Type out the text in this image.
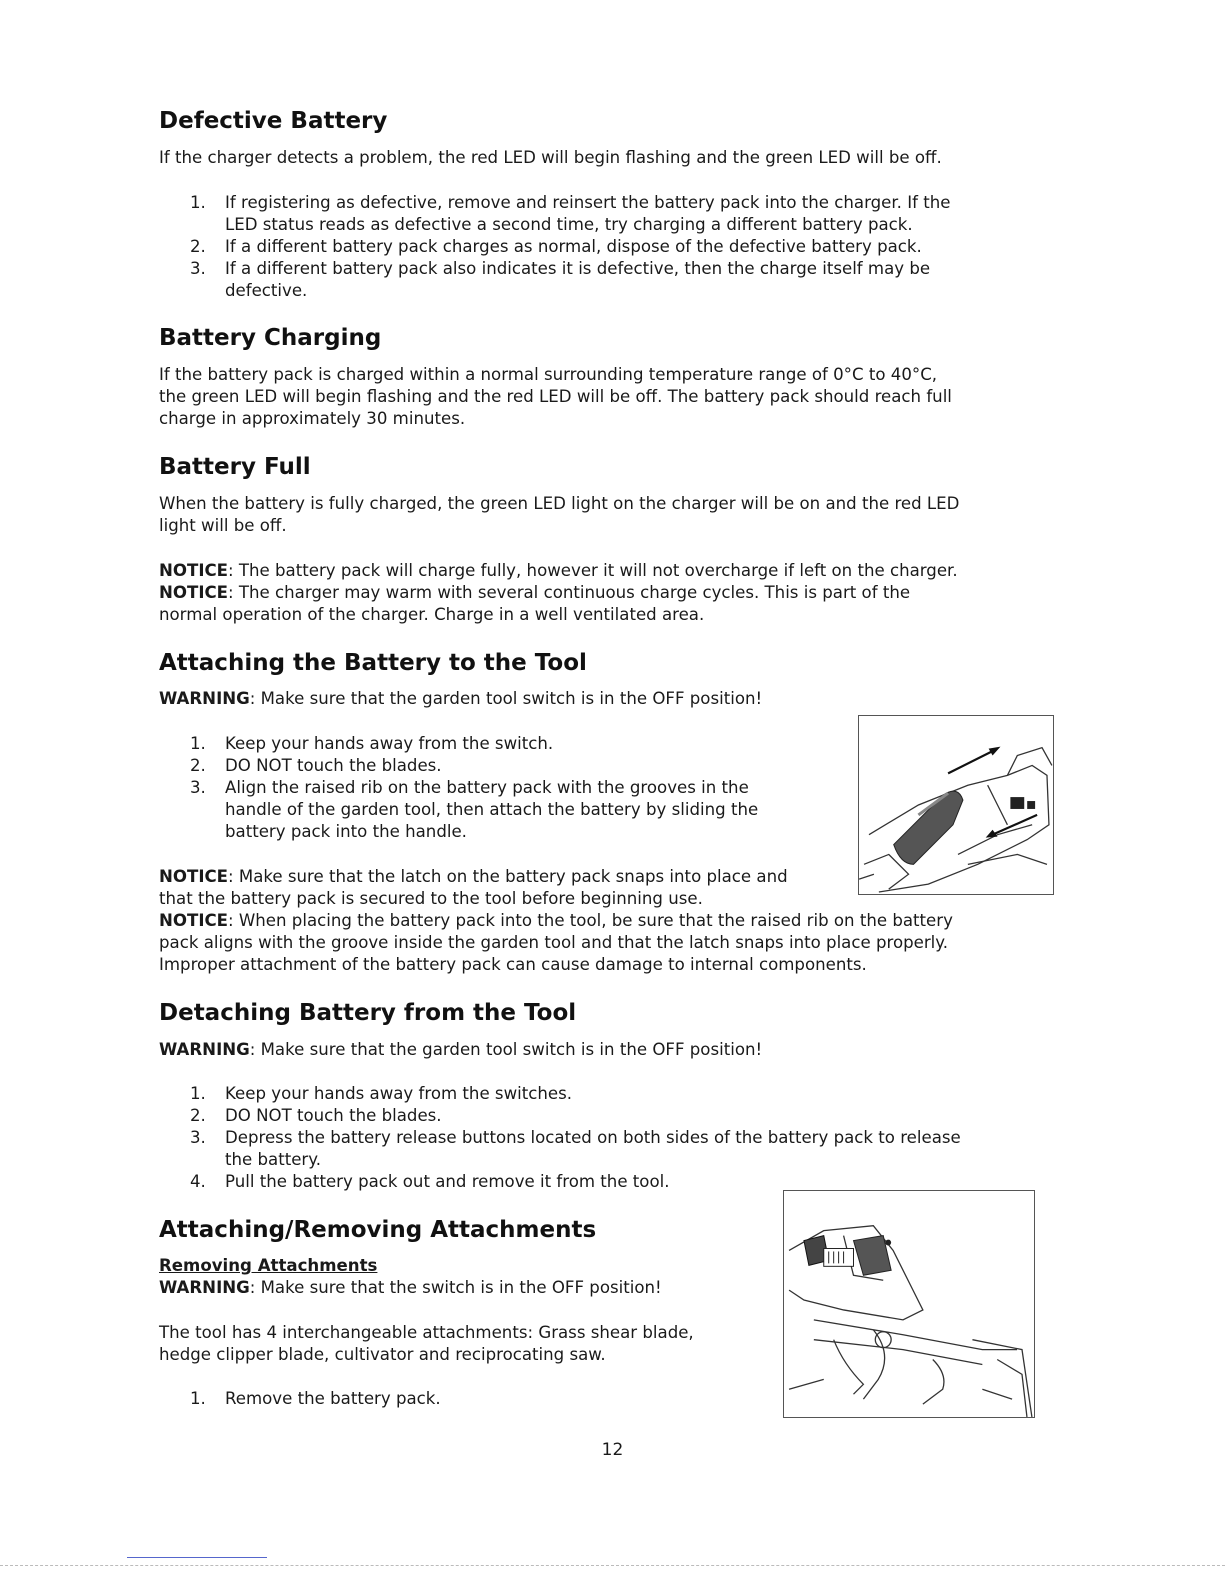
Defective Battery

If the charger detects a problem, the red LED will begin flashing and the green LED will be off.

1.	If registering as defective, remove and reinsert the battery pack into the charger. If the
LED status reads as defective a second time, try charging a different battery pack.
2.	If a different battery pack charges as normal, dispose of the defective battery pack.
3.	If a different battery pack also indicates it is defective, then the charge itself may be
defective.
Battery Charging

If the battery pack is charged within a normal surrounding temperature range of 0°C to 40°C,

the green LED will begin flashing and the red LED will be off. The battery pack should reach full

charge in approximately 30 minutes.

Battery Full

When the battery is fully charged, the green LED light on the charger will be on and the red LED

light will be off.

NOTICE: The battery pack will charge fully, however it will not overcharge if left on the charger.

NOTICE: The charger may warm with several continuous charge cycles. This is part of the

normal operation of the charger. Charge in a well ventilated area.

Attaching the Battery to the Tool

WARNING: Make sure that the garden tool switch is in the OFF position!

1.	Keep your hands away from the switch.
2.	DO NOT touch the blades.
3.	Align the raised rib on the battery pack with the grooves in the
handle of the garden tool, then attach the battery by sliding the
battery pack into the handle.

NOTICE: Make sure that the latch on the battery pack snaps into place and

that the battery pack is secured to the tool before beginning use.

NOTICE: When placing the battery pack into the tool, be sure that the raised rib on the battery

pack aligns with the groove inside the garden tool and that the latch snaps into place properly.

Improper attachment of the battery pack can cause damage to internal components.

Detaching Battery from the Tool

WARNING: Make sure that the garden tool switch is in the OFF position!

1.	Keep your hands away from the switches.
2.	DO NOT touch the blades.
3.	Depress the battery release buttons located on both sides of the battery pack to release
the battery.
4.	Pull the battery pack out and remove it from the tool.
Attaching/Removing Attachments

Removing Attachments

WARNING: Make sure that the switch is in the OFF position!

The tool has 4 interchangeable attachments: Grass shear blade,

hedge clipper blade, cultivator and reciprocating saw.

1.	Remove the battery pack.
12
